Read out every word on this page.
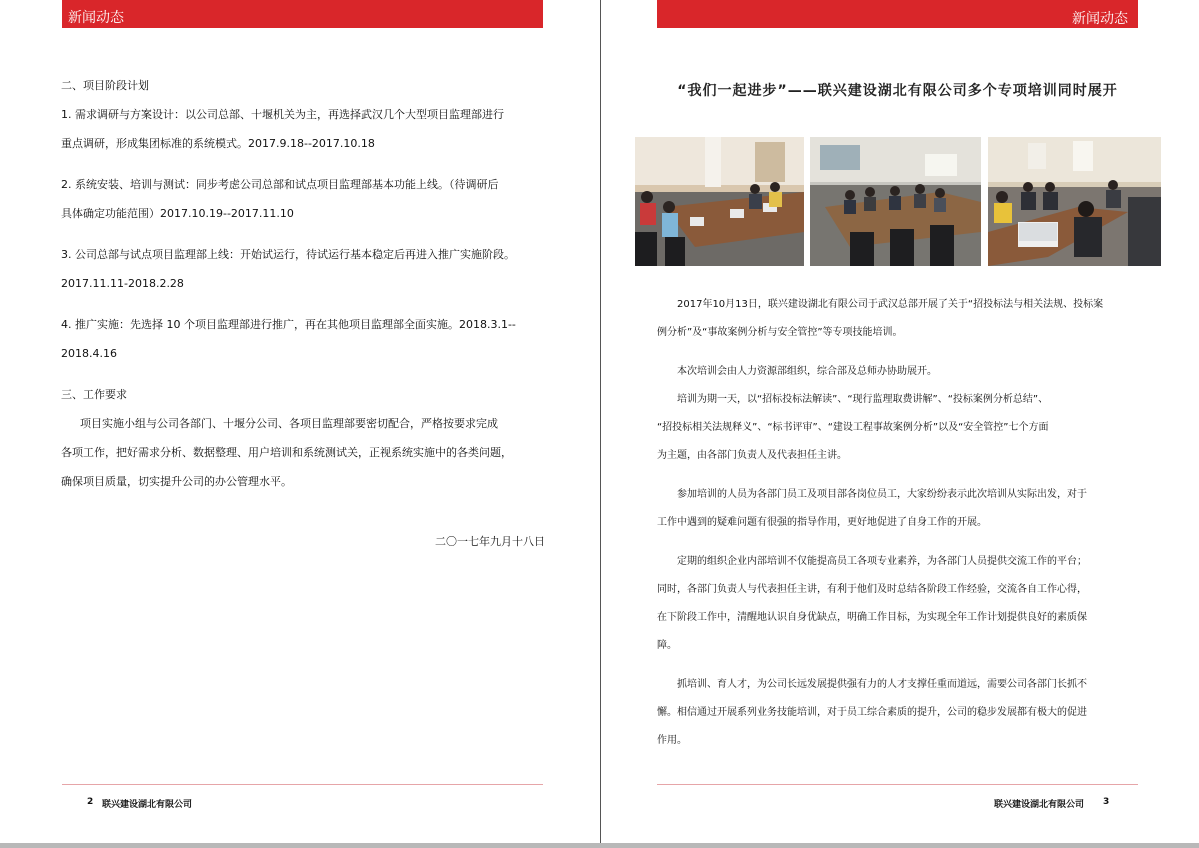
新闻动态

二、项目阶段计划

1. 需求调研与方案设计：以公司总部、十堰机关为主，再选择武汉几个大型项目监理部进行

重点调研，形成集团标准的系统模式。2017.9.18--2017.10.18

2. 系统安装、培训与测试：同步考虑公司总部和试点项目监理部基本功能上线。（待调研后

具体确定功能范围）2017.10.19--2017.11.10

3. 公司总部与试点项目监理部上线：开始试运行，待试运行基本稳定后再进入推广实施阶段。

2017.11.11-2018.2.28

4. 推广实施：先选择 10 个项目监理部进行推广，再在其他项目监理部全面实施。2018.3.1--

2018.4.16

三、工作要求

项目实施小组与公司各部门、十堰分公司、各项目监理部要密切配合，严格按要求完成

各项工作，把好需求分析、数据整理、用户培训和系统测试关，正视系统实施中的各类问题，

确保项目质量，切实提升公司的办公管理水平。

二〇一七年九月十八日

2 联兴建设湖北有限公司
新闻动态
“我们一起进步”——联兴建设湖北有限公司多个专项培训同时展开

2017年10月13日，联兴建设湖北有限公司于武汉总部开展了关于“招投标法与相关法规、投标案

例分析”及“事故案例分析与安全管控”等专项技能培训。

本次培训会由人力资源部组织，综合部及总师办协助展开。

培训为期一天，以“招标投标法解读”、“现行监理取费讲解”、“投标案例分析总结”、

“招投标相关法规释义”、“标书评审”、“建设工程事故案例分析”以及“安全管控”七个方面

为主题，由各部门负责人及代表担任主讲。

参加培训的人员为各部门员工及项目部各岗位员工，大家纷纷表示此次培训从实际出发，对于

工作中遇到的疑难问题有很强的指导作用，更好地促进了自身工作的开展。

定期的组织企业内部培训不仅能提高员工各项专业素养，为各部门人员提供交流工作的平台；

同时，各部门负责人与代表担任主讲，有利于他们及时总结各阶段工作经验，交流各自工作心得，

在下阶段工作中，清醒地认识自身优缺点，明确工作目标，为实现全年工作计划提供良好的素质保

障。

抓培训、育人才，为公司长远发展提供强有力的人才支撑任重而道远，需要公司各部门长抓不

懈。相信通过开展系列业务技能培训，对于员工综合素质的提升，公司的稳步发展都有极大的促进

作用。

联兴建设湖北有限公司 3
